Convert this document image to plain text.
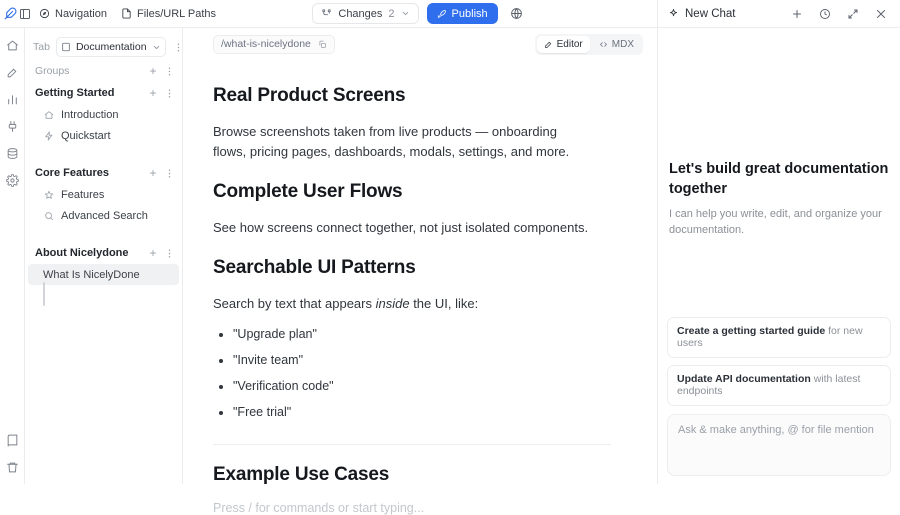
Navigation	Files/URL Paths	Changes 2	Publish	New Chat
Tab Documentation
Groups	+
Getting Started	+
Introduction
Quickstart
Core Features	+
Features
Advanced Search
About Nicelydone +
What Is NicelyDone
/what-is-nicelydone	Editor	MDX
Real Product Screens

Browse screenshots taken from live products — onboarding flows, pricing pages, dashboards, modals, settings, and more.

Complete User Flows

See how screens connect together, not just isolated components.

Searchable UI Patterns

Search by text that appears inside the UI, like:

• "Upgrade plan"
• "Invite team"
• "Verification code"
• "Free trial"
Example Use Cases
Press / for commands or start typing...
Let's build great documentation together

I can help you write, edit, and organize your documentation.

Create a getting started guide for new users
Update API documentation with latest endpoints
Ask & make anything, @ for file mention
